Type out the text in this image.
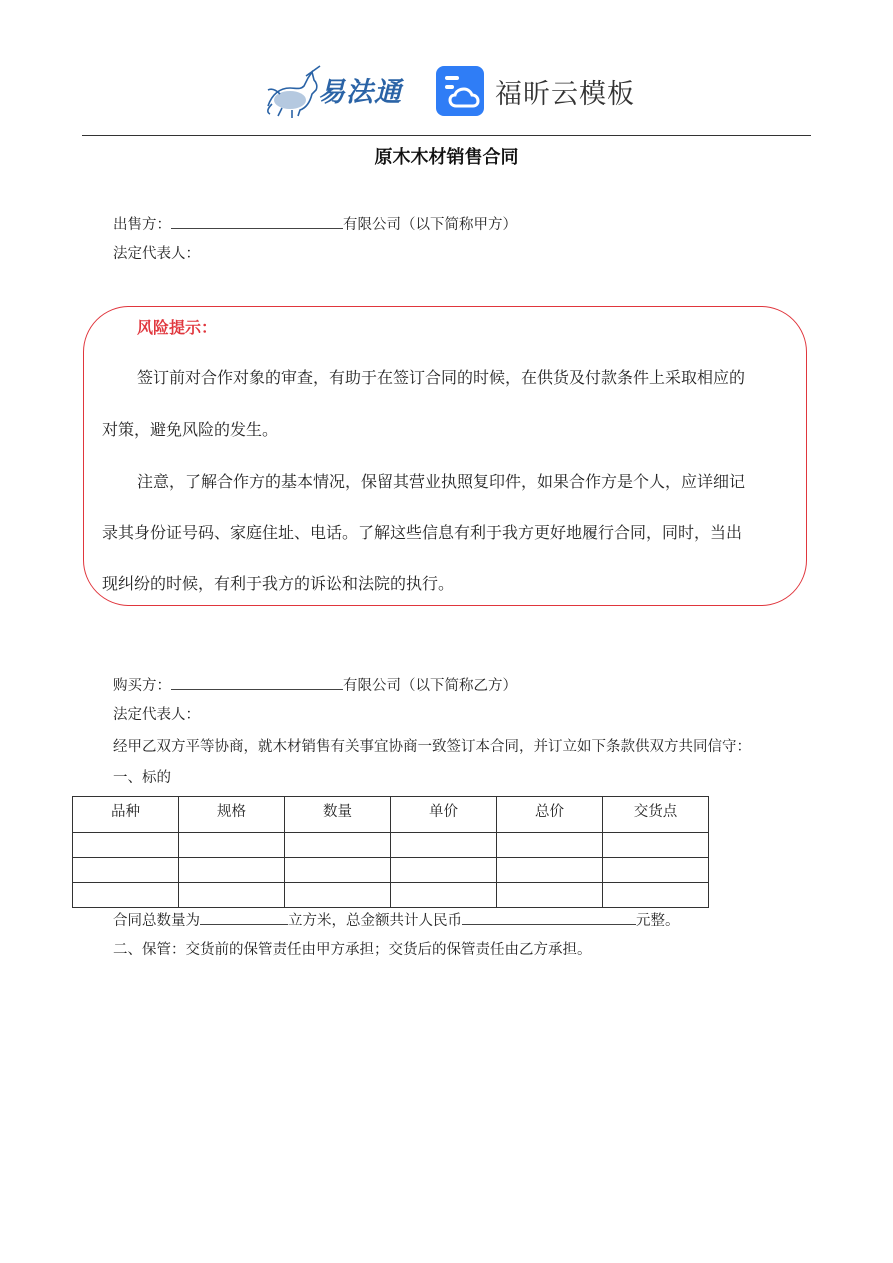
易法通	福昕云模板
原木木材销售合同
出售方：	有限公司（以下简称甲方）
法定代表人：
风险提示：
签订前对合作对象的审查，有助于在签订合同的时候，在供货及付款条件上采取相应的
对策，避免风险的发生。
注意，了解合作方的基本情况，保留其营业执照复印件，如果合作方是个人，应详细记
录其身份证号码、家庭住址、电话。了解这些信息有利于我方更好地履行合同，同时，当出
现纠纷的时候，有利于我方的诉讼和法院的执行。
购买方：	有限公司（以下简称乙方）
法定代表人：
经甲乙双方平等协商，就木材销售有关事宜协商一致签订本合同，并订立如下条款供双方共同信守：
一、标的
品种	规格	数量	单价	总价	交货点

合同总数量为	立方米，总金额共计人民币	元整。
二、保管：交货前的保管责任由甲方承担；交货后的保管责任由乙方承担。
